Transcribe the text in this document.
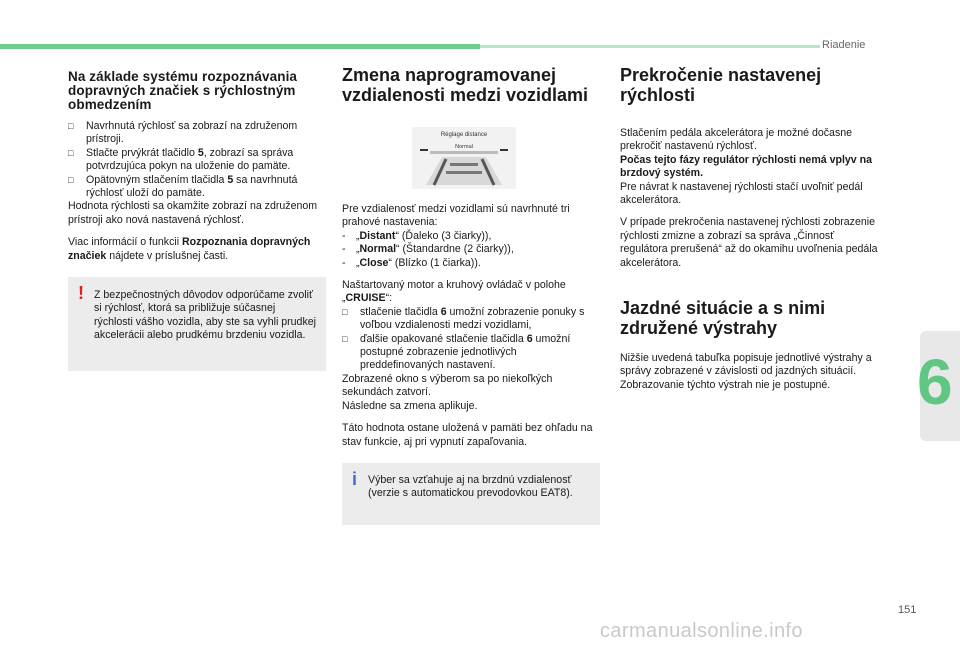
Riadenie
6
Na základe systému rozpoznávania dopravných značiek s rýchlostným obmedzením
□ Navrhnutá rýchlosť sa zobrazí na združenom prístroji.
□ Stlačte prvýkrát tlačidlo 5, zobrazí sa správa potvrdzujúca pokyn na uloženie do pamäte.
□ Opätovným stlačením tlačidla 5 sa navrhnutá rýchlosť uloží do pamäte.

Hodnota rýchlosti sa okamžite zobrazí na združenom prístroji ako nová nastavená rýchlosť.

Viac informácií o funkcii Rozpoznania dopravných značiek nájdete v príslušnej časti.

! Z bezpečnostných dôvodov odporúčame zvoliť si rýchlosť, ktorá sa približuje súčasnej rýchlosti vášho vozidla, aby ste sa vyhli prudkej akcelerácii alebo prudkému brzdeniu vozidla.

Zmena naprogramovanej vzdialenosti medzi vozidlami
Réglage distance
Normal

Pre vzdialenosť medzi vozidlami sú navrhnuté tri prahové nastavenia:

- „Distant“ (Ďaleko (3 čiarky)),
- „Normal“ (Štandardne (2 čiarky)),
- „Close“ (Blízko (1 čiarka)).

Naštartovaný motor a kruhový ovládač v polohe „CRUISE“:

□ stlačenie tlačidla 6 umožní zobrazenie ponuky s voľbou vzdialenosti medzi vozidlami,
□ ďalšie opakované stlačenie tlačidla 6 umožní postupné zobrazenie jednotlivých preddefinovaných nastavení.

Zobrazené okno s výberom sa po niekoľkých sekundách zatvorí.

Následne sa zmena aplikuje.

Táto hodnota ostane uložená v pamäti bez ohľadu na stav funkcie, aj pri vypnutí zapaľovania.

i Výber sa vzťahuje aj na brzdnú vzdialenosť (verzie s automatickou prevodovkou EAT8).

Prekročenie nastavenej rýchlosti

Stlačením pedála akcelerátora je možné dočasne prekročiť nastavenú rýchlosť.

Počas tejto fázy regulátor rýchlosti nemá vplyv na brzdový systém.

Pre návrat k nastavenej rýchlosti stačí uvoľniť pedál akcelerátora.

V prípade prekročenia nastavenej rýchlosti zobrazenie rýchlosti zmizne a zobrazí sa správa „Činnosť regulátora prerušená“ až do okamihu uvoľnenia pedála akcelerátora.

Jazdné situácie a s nimi združené výstrahy

Nižšie uvedená tabuľka popisuje jednotlivé výstrahy a správy zobrazené v závislosti od jazdných situácií.

Zobrazovanie týchto výstrah nie je postupné.

151
carmanualsonline.info
